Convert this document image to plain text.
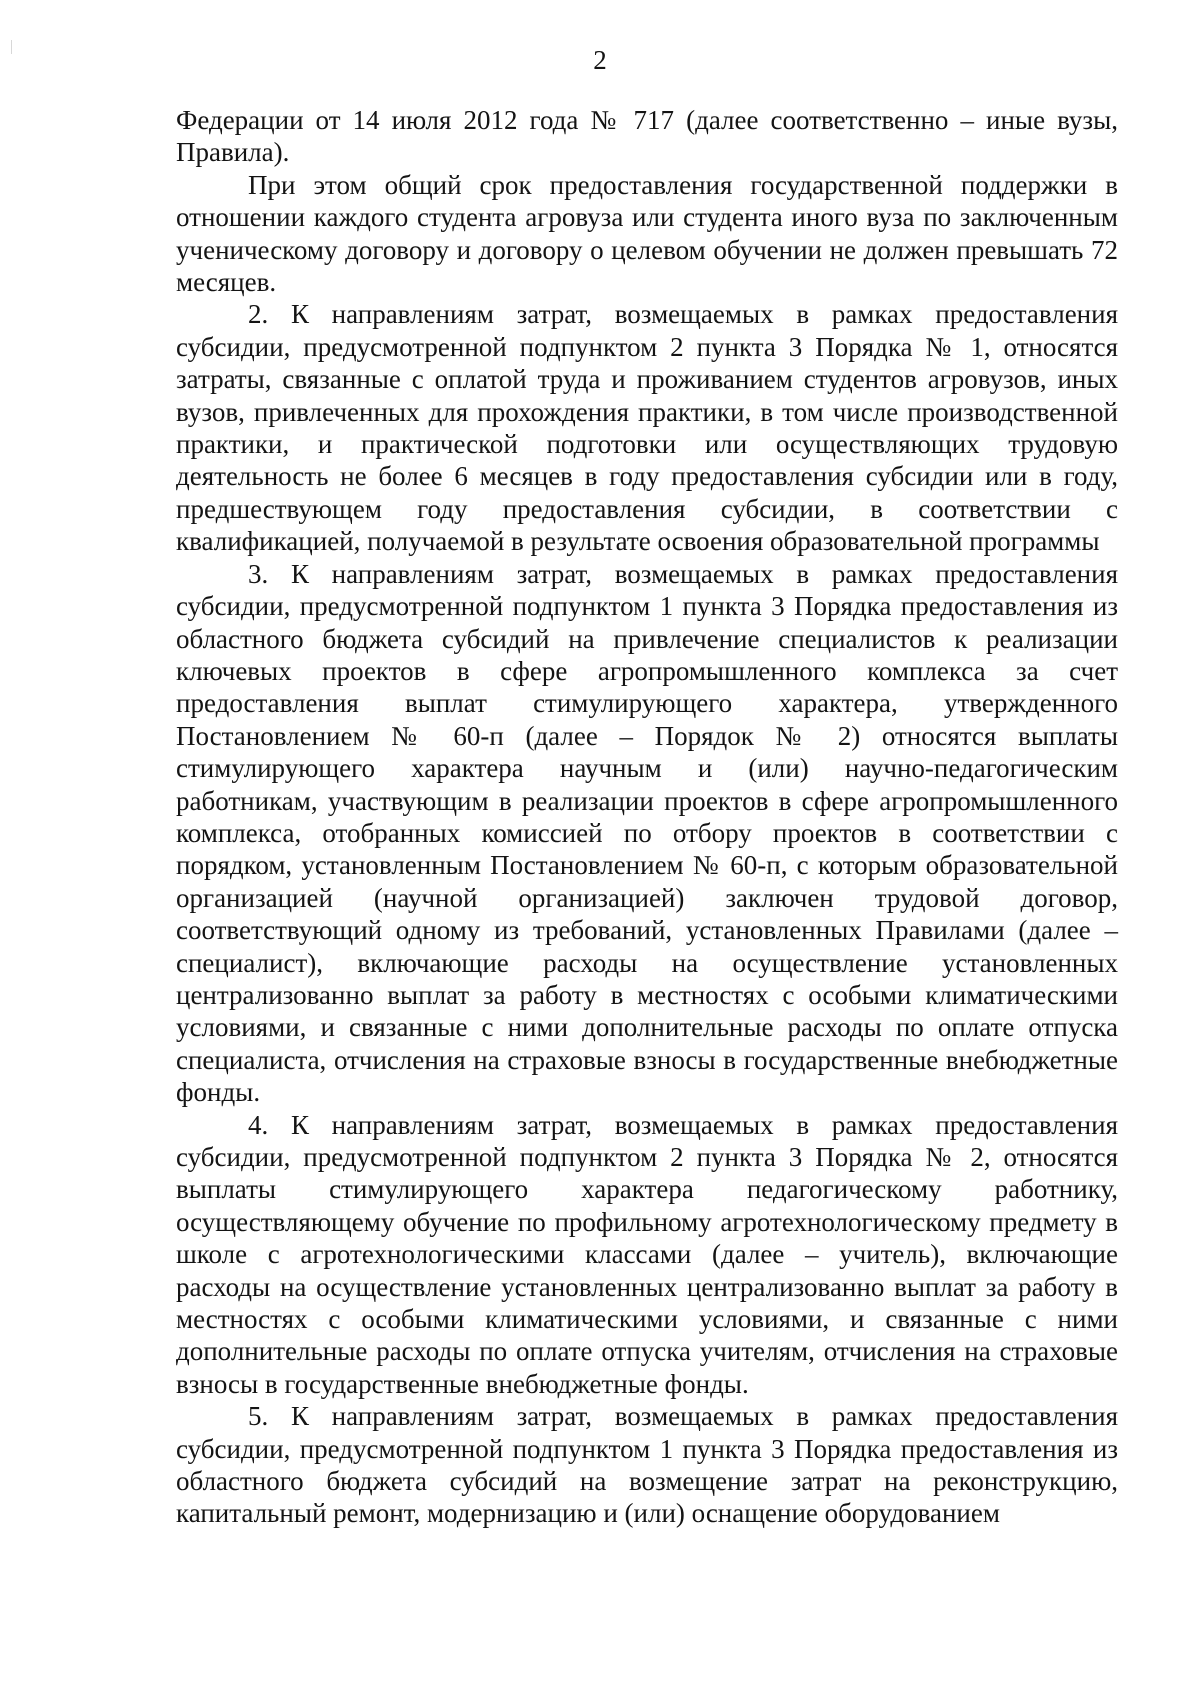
2

Федерации от 14 июля 2012 года № 717 (далее соответственно – иные вузы, Правила).

При этом общий срок предоставления государственной поддержки в отношении каждого студента агровуза или студента иного вуза по заключенным ученическому договору и договору о целевом обучении не должен превышать 72 месяцев.

2. К направлениям затрат, возмещаемых в рамках предоставления субсидии, предусмотренной подпунктом 2 пункта 3 Порядка № 1, относятся затраты, связанные с оплатой труда и проживанием студентов агровузов, иных вузов, привлеченных для прохождения практики, в том числе производственной практики, и практической подготовки или осуществляющих трудовую деятельность не более 6 месяцев в году предоставления субсидии или в году, предшествующем году предоставления субсидии, в соответствии с квалификацией, получаемой в результате освоения образовательной программы

3. К направлениям затрат, возмещаемых в рамках предоставления субсидии, предусмотренной подпунктом 1 пункта 3 Порядка предоставления из областного бюджета субсидий на привлечение специалистов к реализации ключевых проектов в сфере агропромышленного комплекса за счет предоставления выплат стимулирующего характера, утвержденного Постановлением № 60-п (далее – Порядок № 2) относятся выплаты стимулирующего характера научным и (или) научно-педагогическим работникам, участвующим в реализации проектов в сфере агропромышленного комплекса, отобранных комиссией по отбору проектов в соответствии с порядком, установленным Постановлением № 60-п, с которым образовательной организацией (научной организацией) заключен трудовой договор, соответствующий одному из требований, установленных Правилами (далее – специалист), включающие расходы на осуществление установленных централизованно выплат за работу в местностях с особыми климатическими условиями, и связанные с ними дополнительные расходы по оплате отпуска специалиста, отчисления на страховые взносы в государственные внебюджетные фонды.

4. К направлениям затрат, возмещаемых в рамках предоставления субсидии, предусмотренной подпунктом 2 пункта 3 Порядка № 2, относятся выплаты стимулирующего характера педагогическому работнику, осуществляющему обучение по профильному агротехнологическому предмету в школе с агротехнологическими классами (далее – учитель), включающие расходы на осуществление установленных централизованно выплат за работу в местностях с особыми климатическими условиями, и связанные с ними дополнительные расходы по оплате отпуска учителям, отчисления на страховые взносы в государственные внебюджетные фонды.

5. К направлениям затрат, возмещаемых в рамках предоставления субсидии, предусмотренной подпунктом 1 пункта 3 Порядка предоставления из областного бюджета субсидий на возмещение затрат на реконструкцию, капитальный ремонт, модернизацию и (или) оснащение оборудованием
